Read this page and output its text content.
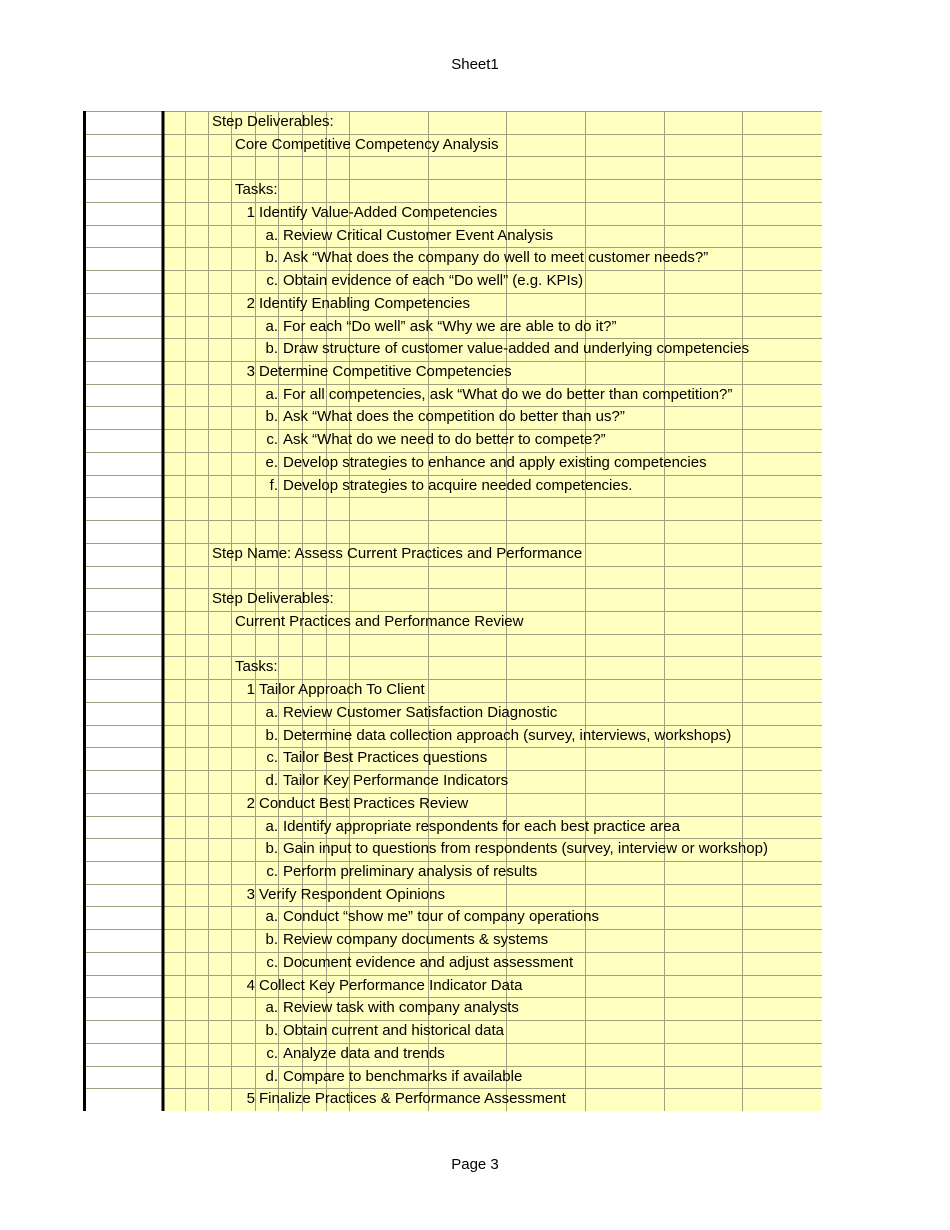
Sheet1
Step Deliverables:
Core Competitive Competency Analysis
Tasks:
1 Identify Value-Added Competencies
a. Review Critical Customer Event Analysis
b. Ask “What does the company do well to meet customer needs?”
c. Obtain evidence of each “Do well” (e.g. KPIs)
2 Identify Enabling Competencies
a. For each “Do well” ask “Why we are able to do it?”
b. Draw structure of customer value-added and underlying competencies
3 Determine Competitive Competencies
a. For all competencies, ask “What do we do better than competition?”
b. Ask “What does the competition do better than us?”
c. Ask “What do we need to do better to compete?”
e. Develop strategies to enhance and apply existing competencies
f. Develop strategies to acquire needed competencies.
Step Name: Assess Current Practices and Performance
Step Deliverables:
Current Practices and Performance Review
Tasks:
1 Tailor Approach To Client
a. Review Customer Satisfaction Diagnostic
b. Determine data collection approach (survey, interviews, workshops)
c. Tailor Best Practices questions
d. Tailor Key Performance Indicators
2 Conduct Best Practices Review
a. Identify appropriate respondents for each best practice area
b. Gain input to questions from respondents (survey, interview or workshop)
c. Perform preliminary analysis of results
3 Verify Respondent Opinions
a. Conduct “show me” tour of company operations
b. Review company documents & systems
c. Document evidence and adjust assessment
4 Collect Key Performance Indicator Data
a. Review task with company analysts
b. Obtain current and historical data
c. Analyze data and trends
d. Compare to benchmarks if available
5 Finalize Practices & Performance Assessment
Page 3
